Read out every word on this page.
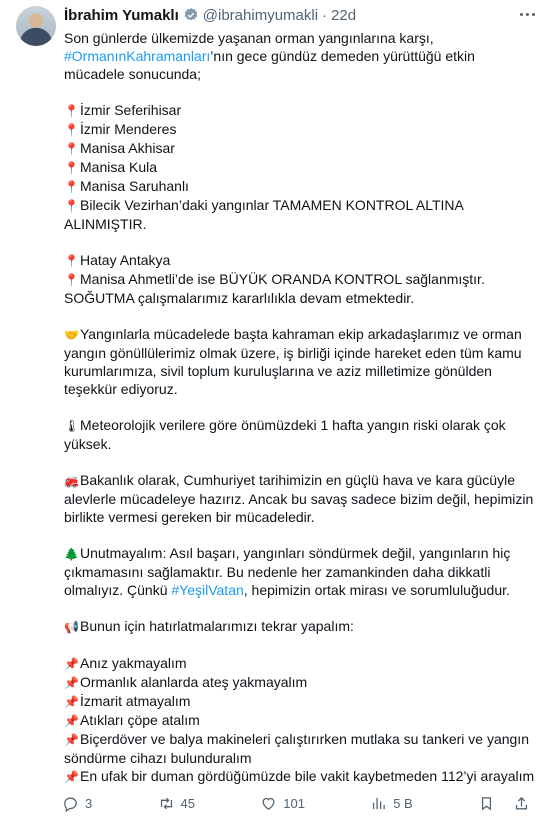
İbrahim Yumaklı @ibrahimyumakli · 22d
Son günlerde ülkemizde yaşanan orman yangınlarına karşı,
#OrmanınKahramanları’nın gece gündüz demeden yürüttüğü etkin
mücadele sonucunda;
📍İzmir Seferihisar
📍İzmir Menderes
📍Manisa Akhisar
📍Manisa Kula
📍Manisa Saruhanlı
📍Bilecik Vezirhan’daki yangınlar TAMAMEN KONTROL ALTINA
ALINMIŞTIR.
📍Hatay Antakya
📍Manisa Ahmetli’de ise BÜYÜK ORANDA KONTROL sağlanmıştır.
SOĞUTMA çalışmalarımız kararlılıkla devam etmektedir.
🤝Yangınlarla mücadelede başta kahraman ekip arkadaşlarımız ve orman yangın gönüllülerimiz olmak üzere, iş birliği içinde hareket eden tüm kamu kurumlarımıza, sivil toplum kuruluşlarına ve aziz milletimize gönülden teşekkür ediyoruz.
🌡Meteorolojik verilere göre önümüzdeki 1 hafta yangın riski olarak çok yüksek.
🚒Bakanlık olarak, Cumhuriyet tarihimizin en güçlü hava ve kara gücüyle alevlerle mücadeleye hazırız. Ancak bu savaş sadece bizim değil, hepimizin birlikte vermesi gereken bir mücadeledir.
🌲Unutmayalım: Asıl başarı, yangınları söndürmek değil, yangınların hiç çıkmamasını sağlamaktır. Bu nedenle her zamankinden daha dikkatli olmalıyız. Çünkü #YeşilVatan, hepimizin ortak mirası ve sorumluluğudur.
📢Bunun için hatırlatmalarımızı tekrar yapalım:
📌Anız yakmayalım
📌Ormanlık alanlarda ateş yakmayalım
📌İzmarit atmayalım
📌Atıkları çöpe atalım
📌Biçerdöver ve balya makineleri çalıştırırken mutlaka su tankeri ve yangın söndürme cihazı bulunduralım
📌En ufak bir duman gördüğümüzde bile vakit kaybetmeden 112’yi arayalım
3	45	101	5 B
